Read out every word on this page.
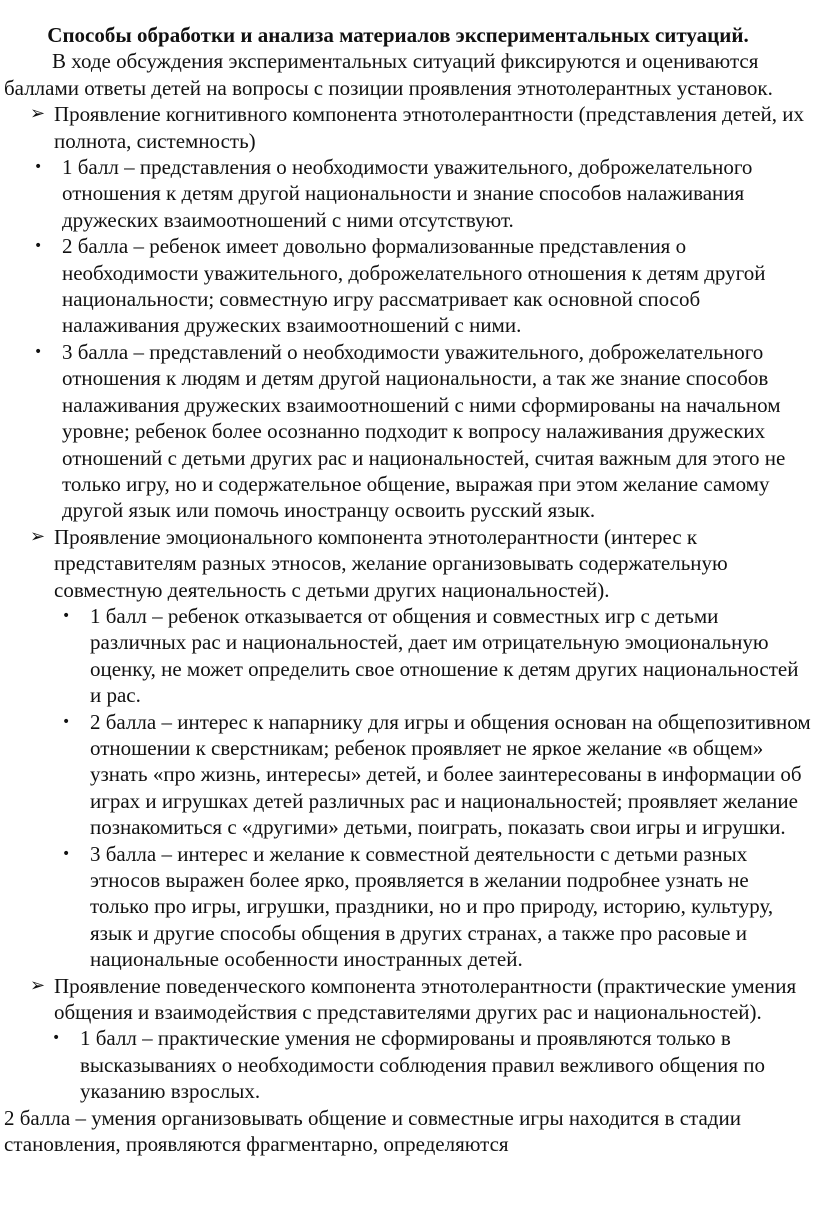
Способы обработки и анализа материалов экспериментальных ситуаций.

В ходе обсуждения экспериментальных ситуаций фиксируются и оцениваются баллами ответы детей на вопросы с позиции проявления этнотолерантных установок.

➢ Проявление когнитивного компонента этнотолерантности (представления детей, их полнота, системность)

• 1 балл – представления о необходимости уважительного, доброжелательного отношения к детям другой национальности и знание способов налаживания дружеских взаимоотношений с ними отсутствуют.
• 2 балла – ребенок имеет довольно формализованные представления о необходимости уважительного, доброжелательного отношения к детям другой национальности; совместную игру рассматривает как основной способ налаживания дружеских взаимоотношений с ними.
• 3 балла – представлений о необходимости уважительного, доброжелательного отношения к людям и детям другой национальности, а так же знание способов налаживания дружеских взаимоотношений с ними сформированы на начальном уровне; ребенок более осознанно подходит к вопросу налаживания дружеских отношений с детьми других рас и национальностей, считая важным для этого не только игру, но и содержательное общение, выражая при этом желание самому другой язык или помочь иностранцу освоить русский язык.
➢ Проявление эмоционального компонента этнотолерантности (интерес к представителям разных этносов, желание организовывать содержательную совместную деятельность с детьми других национальностей).

• 1 балл – ребенок отказывается от общения и совместных игр с детьми различных рас и национальностей, дает им отрицательную эмоциональную оценку, не может определить свое отношение к детям других национальностей и рас.
• 2 балла – интерес к напарнику для игры и общения основан на общепозитивном отношении к сверстникам; ребенок проявляет не яркое желание «в общем» узнать «про жизнь, интересы» детей, и более заинтересованы в информации об играх и игрушках детей различных рас и национальностей; проявляет желание познакомиться с «другими» детьми, поиграть, показать свои игры и игрушки.
• 3 балла – интерес и желание к совместной деятельности с детьми разных этносов выражен более ярко, проявляется в желании подробнее узнать не только про игры, игрушки, праздники, но и про природу, историю, культуру, язык и другие способы общения в других странах, а также про расовые и национальные особенности иностранных детей.
➢ Проявление поведенческого компонента этнотолерантности (практические умения общения и взаимодействия с представителями других рас и национальностей).

• 1 балл – практические умения не сформированы и проявляются только в высказываниях о необходимости соблюдения правил вежливого общения по указанию взрослых.

2 балла – умения организовывать общение и совместные игры находится в стадии становления, проявляются фрагментарно, определяются
